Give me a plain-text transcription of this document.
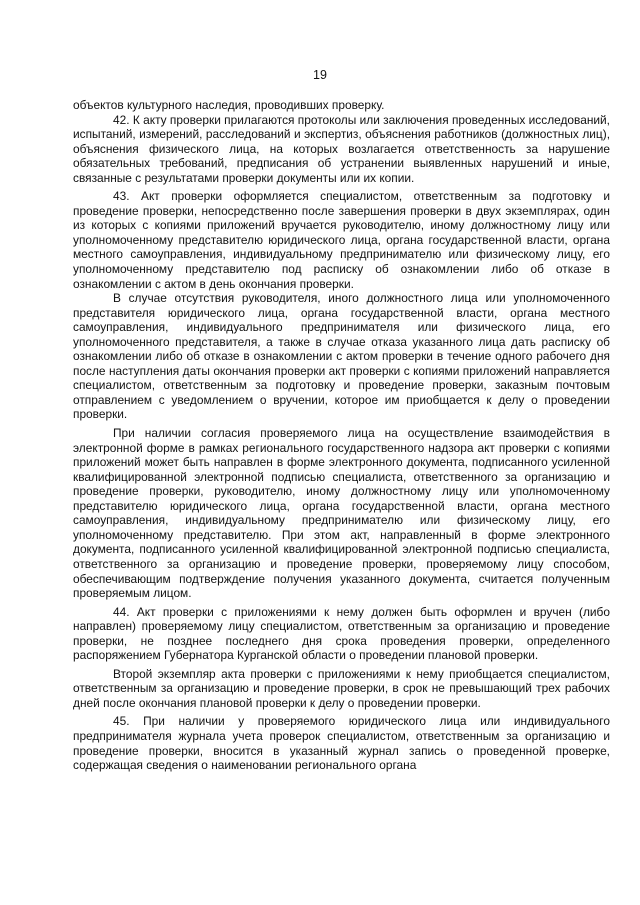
19

объектов культурного наследия, проводивших проверку.

42. К акту проверки прилагаются протоколы или заключения проведенных исследований, испытаний, измерений, расследований и экспертиз, объяснения работников (должностных лиц), объяснения физического лица, на которых возлагается ответственность за нарушение обязательных требований, предписания об устранении выявленных нарушений и иные, связанные с результатами проверки документы или их копии.

43. Акт проверки оформляется специалистом, ответственным за подготовку и проведение проверки, непосредственно после завершения проверки в двух экземплярах, один из которых с копиями приложений вручается руководителю, иному должностному лицу или уполномоченному представителю юридического лица, органа государственной власти, органа местного самоуправления, индивидуальному предпринимателю или физическому лицу, его уполномоченному представителю под расписку об ознакомлении либо об отказе в ознакомлении с актом в день окончания проверки.

В случае отсутствия руководителя, иного должностного лица или уполномоченного представителя юридического лица, органа государственной власти, органа местного самоуправления, индивидуального предпринимателя или физического лица, его уполномоченного представителя, а также в случае отказа указанного лица дать расписку об ознакомлении либо об отказе в ознакомлении с актом проверки в течение одного рабочего дня после наступления даты окончания проверки акт проверки с копиями приложений направляется специалистом, ответственным за подготовку и проведение проверки, заказным почтовым отправлением с уведомлением о вручении, которое им приобщается к делу о проведении проверки.

При наличии согласия проверяемого лица на осуществление взаимодействия в электронной форме в рамках регионального государственного надзора акт проверки с копиями приложений может быть направлен в форме электронного документа, подписанного усиленной квалифицированной электронной подписью специалиста, ответственного за организацию и проведение проверки, руководителю, иному должностному лицу или уполномоченному представителю юридического лица, органа государственной власти, органа местного самоуправления, индивидуальному предпринимателю или физическому лицу, его уполномоченному представителю. При этом акт, направленный в форме электронного документа, подписанного усиленной квалифицированной электронной подписью специалиста, ответственного за организацию и проведение проверки, проверяемому лицу способом, обеспечивающим подтверждение получения указанного документа, считается полученным проверяемым лицом.

44. Акт проверки с приложениями к нему должен быть оформлен и вручен (либо направлен) проверяемому лицу специалистом, ответственным за организацию и проведение проверки, не позднее последнего дня срока проведения проверки, определенного распоряжением Губернатора Курганской области о проведении плановой проверки.

Второй экземпляр акта проверки с приложениями к нему приобщается специалистом, ответственным за организацию и проведение проверки, в срок не превышающий трех рабочих дней после окончания плановой проверки к делу о проведении проверки.

45. При наличии у проверяемого юридического лица или индивидуального предпринимателя журнала учета проверок специалистом, ответственным за организацию и проведение проверки, вносится в указанный журнал запись о проведенной проверке, содержащая сведения о наименовании регионального органа
